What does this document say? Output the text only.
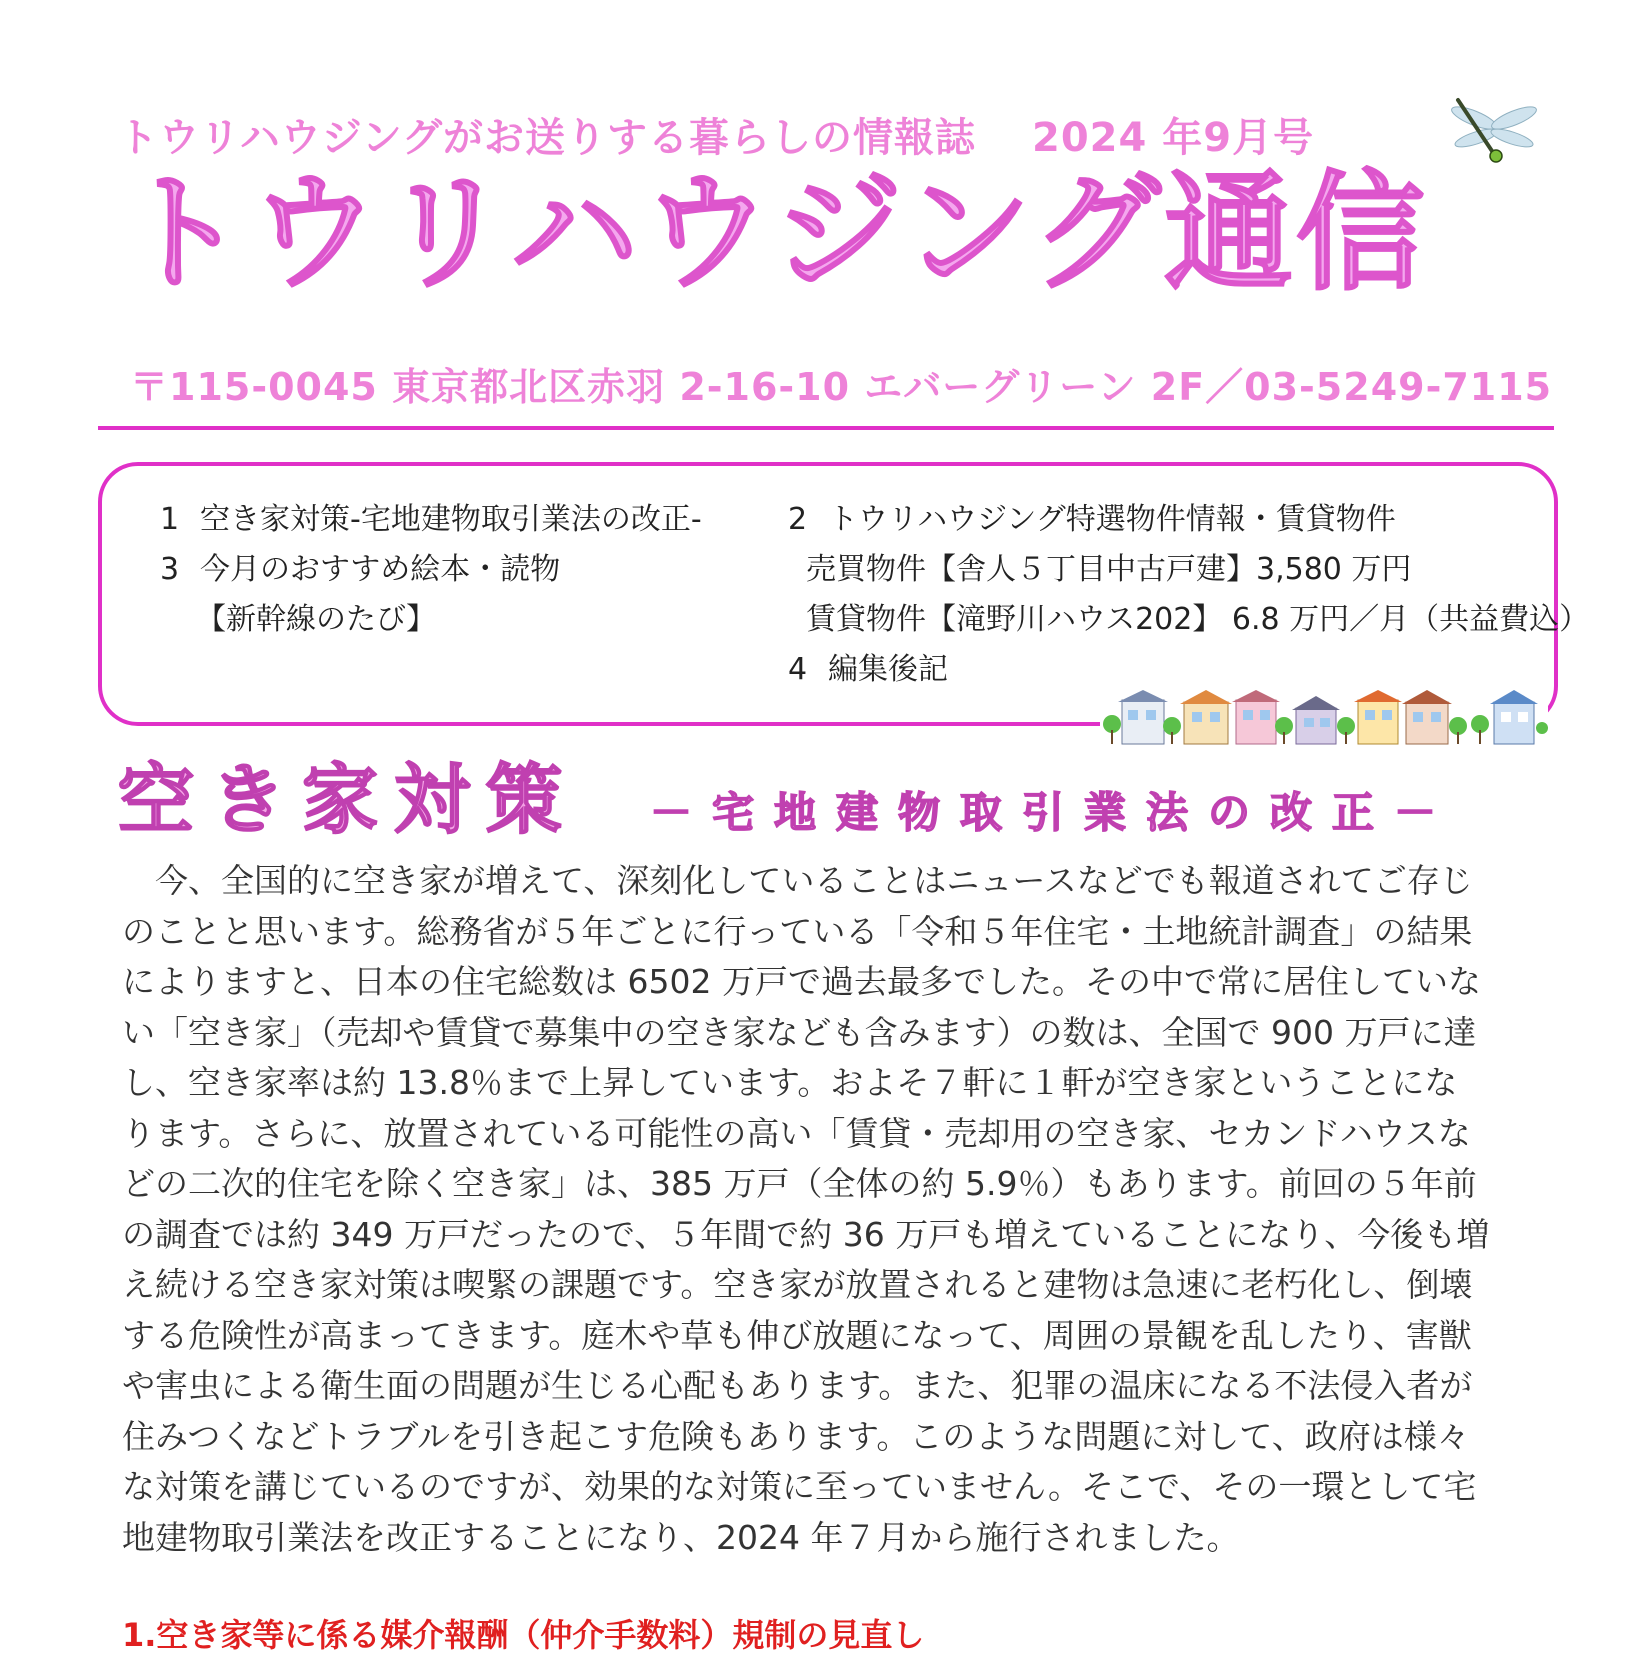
トウリハウジングがお送りする暮らしの情報誌 2024 年9月号
トウリハウジング通信
〒115-0045 東京都北区赤羽 2-16-10 エバーグリーン 2F／03-5249-7115
1 空き家対策-宅地建物取引業法の改正-
3 今月のおすすめ絵本・読物
【新幹線のたび】
2 トウリハウジング特選物件情報・賃貸物件
売買物件【舎人５丁目中古戸建】3,580 万円
賃貸物件【滝野川ハウス202】 6.8 万円／月（共益費込）
4 編集後記
空き家対策 －宅地建物取引業法の改正－
　今、全国的に空き家が増えて、深刻化していることはニュースなどでも報道されてご存じ
のことと思います。総務省が５年ごとに行っている「令和５年住宅・土地統計調査」の結果
によりますと、日本の住宅総数は 6502 万戸で過去最多でした。その中で常に居住していな
い「空き家」（売却や賃貸で募集中の空き家なども含みます）の数は、全国で 900 万戸に達
し、空き家率は約 13.8％まで上昇しています。およそ７軒に１軒が空き家ということにな
ります。さらに、放置されている可能性の高い「賃貸・売却用の空き家、セカンドハウスな
どの二次的住宅を除く空き家」は、385 万戸（全体の約 5.9％）もあります。前回の５年前
の調査では約 349 万戸だったので、５年間で約 36 万戸も増えていることになり、今後も増
え続ける空き家対策は喫緊の課題です。空き家が放置されると建物は急速に老朽化し、倒壊
する危険性が高まってきます。庭木や草も伸び放題になって、周囲の景観を乱したり、害獣
や害虫による衛生面の問題が生じる心配もあります。また、犯罪の温床になる不法侵入者が
住みつくなどトラブルを引き起こす危険もあります。このような問題に対して、政府は様々
な対策を講じているのですが、効果的な対策に至っていません。そこで、その一環として宅
地建物取引業法を改正することになり、2024 年７月から施行されました。
1.空き家等に係る媒介報酬（仲介手数料）規制の見直し
